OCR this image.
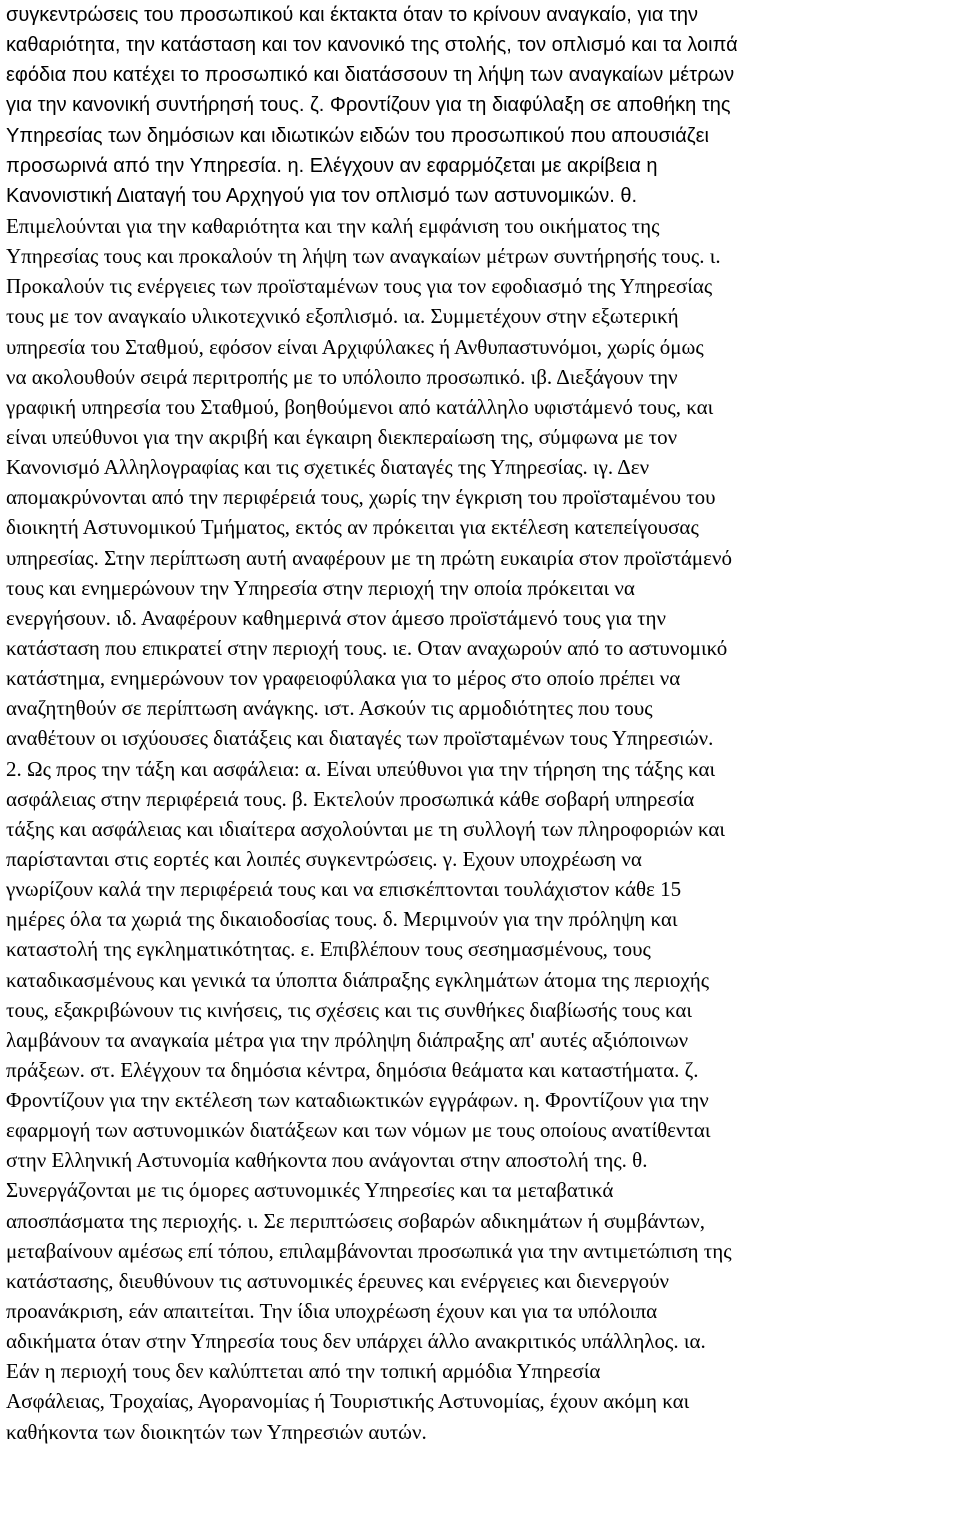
συγκεντρώσεις του προσωπικού και έκτακτα όταν το κρίνουν αναγκαίο, για την
καθαριότητα, την κατάσταση και τον κανονικό της στολής, τον οπλισμό και τα λοιπά
εφόδια που κατέχει το προσωπικό και διατάσσουν τη λήψη των αναγκαίων μέτρων
για την κανονική συντήρησή τους. ζ. Φροντίζουν για τη διαφύλαξη σε αποθήκη της
Υπηρεσίας των δημόσιων και ιδιωτικών ειδών του προσωπικού που απουσιάζει
προσωρινά από την Υπηρεσία. η. Ελέγχουν αν εφαρμόζεται με ακρίβεια η
Κανονιστική Διαταγή του Αρχηγού για τον οπλισμό των αστυνομικών. θ.
Επιμελούνται για την καθαριότητα και την καλή εμφάνιση του οικήματος της
Υπηρεσίας τους και προκαλούν τη λήψη των αναγκαίων μέτρων συντήρησής τους. ι.
Προκαλούν τις ενέργειες των προϊσταμένων τους για τον εφοδιασμό της Υπηρεσίας
τους με τον αναγκαίο υλικοτεχνικό εξοπλισμό. ια. Συμμετέχουν στην εξωτερική
υπηρεσία του Σταθμού, εφόσον είναι Αρχιφύλακες ή Ανθυπαστυνόμοι, χωρίς όμως
να ακολουθούν σειρά περιτροπής με το υπόλοιπο προσωπικό. ιβ. Διεξάγουν την
γραφική υπηρεσία του Σταθμού, βοηθούμενοι από κατάλληλο υφιστάμενό τους, και
είναι υπεύθυνοι για την ακριβή και έγκαιρη διεκπεραίωση της, σύμφωνα με τον
Κανονισμό Αλληλογραφίας και τις σχετικές διαταγές της Υπηρεσίας. ιγ. Δεν
απομακρύνονται από την περιφέρειά τους, χωρίς την έγκριση του προϊσταμένου του
διοικητή Αστυνομικού Τμήματος, εκτός αν πρόκειται για εκτέλεση κατεπείγουσας
υπηρεσίας. Στην περίπτωση αυτή αναφέρουν με τη πρώτη ευκαιρία στον προϊστάμενό
τους και ενημερώνουν την Υπηρεσία στην περιοχή την οποία πρόκειται να
ενεργήσουν. ιδ. Αναφέρουν καθημερινά στον άμεσο προϊστάμενό τους για την
κατάσταση που επικρατεί στην περιοχή τους. ιε. Οταν αναχωρούν από το αστυνομικό
κατάστημα, ενημερώνουν τον γραφειοφύλακα για το μέρος στο οποίο πρέπει να
αναζητηθούν σε περίπτωση ανάγκης. ιστ. Ασκούν τις αρμοδιότητες που τους
αναθέτουν οι ισχύουσες διατάξεις και διαταγές των προϊσταμένων τους Υπηρεσιών.
2. Ως προς την τάξη και ασφάλεια: α. Είναι υπεύθυνοι για την τήρηση της τάξης και
ασφάλειας στην περιφέρειά τους. β. Εκτελούν προσωπικά κάθε σοβαρή υπηρεσία
τάξης και ασφάλειας και ιδιαίτερα ασχολούνται με τη συλλογή των πληροφοριών και
παρίστανται στις εορτές και λοιπές συγκεντρώσεις. γ. Εχουν υποχρέωση να
γνωρίζουν καλά την περιφέρειά τους και να επισκέπτονται τουλάχιστον κάθε 15
ημέρες όλα τα χωριά της δικαιοδοσίας τους. δ. Μεριμνούν για την πρόληψη και
καταστολή της εγκληματικότητας. ε. Επιβλέπουν τους σεσημασμένους, τους
καταδικασμένους και γενικά τα ύποπτα διάπραξης εγκλημάτων άτομα της περιοχής
τους, εξακριβώνουν τις κινήσεις, τις σχέσεις και τις συνθήκες διαβίωσής τους και
λαμβάνουν τα αναγκαία μέτρα για την πρόληψη διάπραξης απ' αυτές αξιόποινων
πράξεων. στ. Ελέγχουν τα δημόσια κέντρα, δημόσια θεάματα και καταστήματα. ζ.
Φροντίζουν για την εκτέλεση των καταδιωκτικών εγγράφων. η. Φροντίζουν για την
εφαρμογή των αστυνομικών διατάξεων και των νόμων με τους οποίους ανατίθενται
στην Ελληνική Αστυνομία καθήκοντα που ανάγονται στην αποστολή της. θ.
Συνεργάζονται με τις όμορες αστυνομικές Υπηρεσίες και τα μεταβατικά
αποσπάσματα της περιοχής. ι. Σε περιπτώσεις σοβαρών αδικημάτων ή συμβάντων,
μεταβαίνουν αμέσως επί τόπου, επιλαμβάνονται προσωπικά για την αντιμετώπιση της
κατάστασης, διευθύνουν τις αστυνομικές έρευνες και ενέργειες και διενεργούν
προανάκριση, εάν απαιτείται. Την ίδια υποχρέωση έχουν και για τα υπόλοιπα
αδικήματα όταν στην Υπηρεσία τους δεν υπάρχει άλλο ανακριτικός υπάλληλος. ια.
Εάν η περιοχή τους δεν καλύπτεται από την τοπική αρμόδια Υπηρεσία
Ασφάλειας, Τροχαίας, Αγορανομίας ή Τουριστικής Αστυνομίας, έχουν ακόμη και
καθήκοντα των διοικητών των Υπηρεσιών αυτών.
